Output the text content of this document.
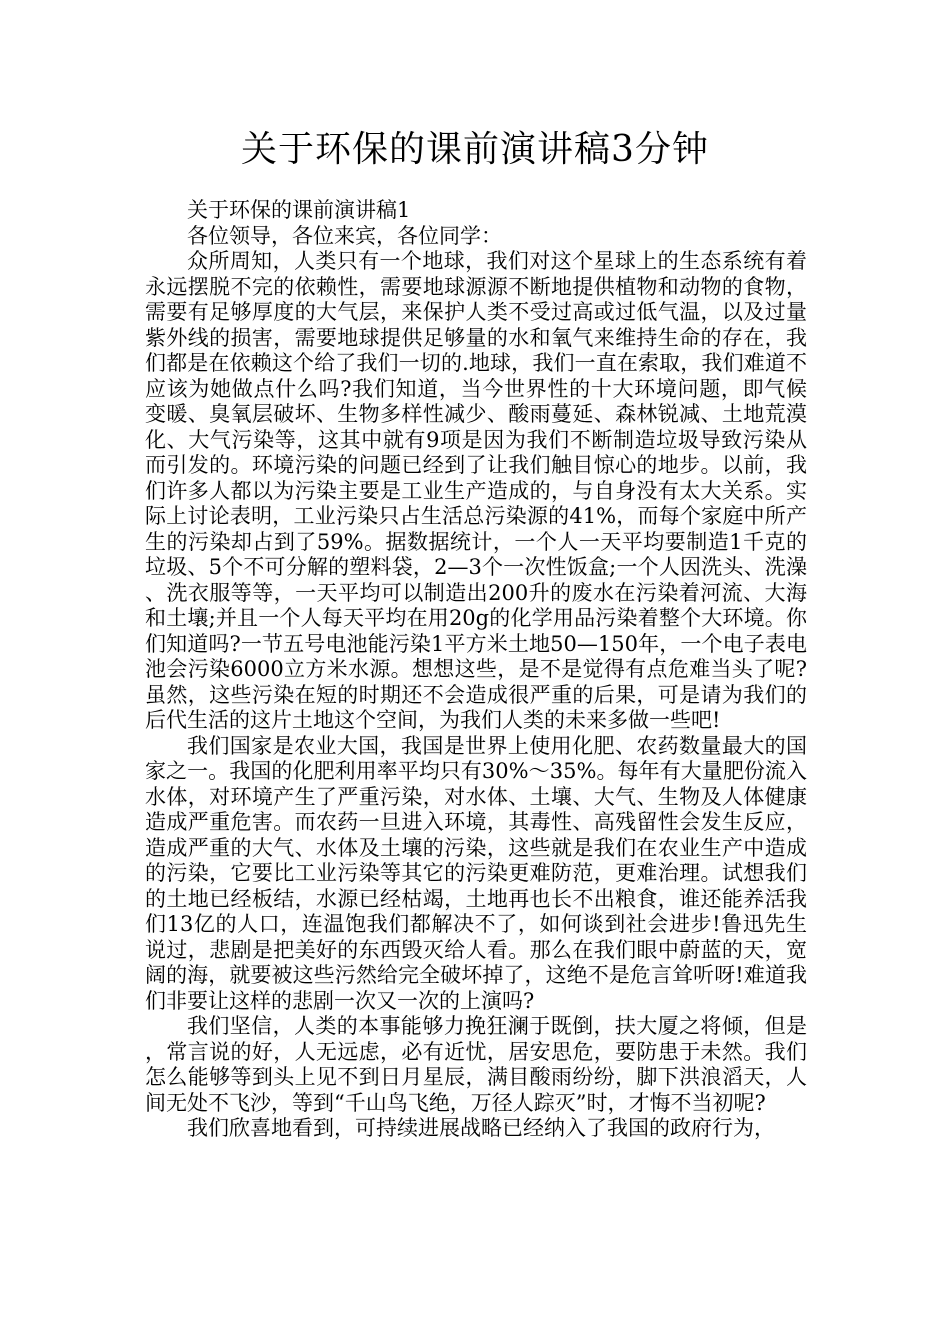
关于环保的课前演讲稿3分钟

关于环保的课前演讲稿1

各位领导，各位来宾，各位同学：

众所周知，人类只有一个地球，我们对这个星球上的生态系统有着永远摆脱不完的依赖性，需要地球源源不断地提供植物和动物的食物，需要有足够厚度的大气层，来保护人类不受过高或过低气温，以及过量紫外线的损害，需要地球提供足够量的水和氧气来维持生命的存在，我们都是在依赖这个给了我们一切的.地球，我们一直在索取，我们难道不应该为她做点什么吗?我们知道，当今世界性的十大环境问题，即气候变暖、臭氧层破坏、生物多样性减少、酸雨蔓延、森林锐减、土地荒漠化、大气污染等，这其中就有9项是因为我们不断制造垃圾导致污染从而引发的。环境污染的问题已经到了让我们触目惊心的地步。以前，我们许多人都以为污染主要是工业生产造成的，与自身没有太大关系。实际上讨论表明，工业污染只占生活总污染源的41%，而每个家庭中所产生的污染却占到了59%。据数据统计，一个人一天平均要制造1千克的垃圾、5个不可分解的塑料袋，2—3个一次性饭盒;一个人因洗头、洗澡、洗衣服等等，一天平均可以制造出200升的废水在污染着河流、大海和土壤;并且一个人每天平均在用20g的化学用品污染着整个大环境。你们知道吗?一节五号电池能污染1平方米土地50—150年，一个电子表电池会污染6000立方米水源。想想这些，是不是觉得有点危难当头了呢?虽然，这些污染在短的时期还不会造成很严重的后果，可是请为我们的后代生活的这片土地这个空间，为我们人类的未来多做一些吧!

我们国家是农业大国，我国是世界上使用化肥、农药数量最大的国家之一。我国的化肥利用率平均只有30%～35%。每年有大量肥份流入水体，对环境产生了严重污染，对水体、土壤、大气、生物及人体健康造成严重危害。而农药一旦进入环境，其毒性、高残留性会发生反应，造成严重的大气、水体及土壤的污染，这些就是我们在农业生产中造成的污染，它要比工业污染等其它的污染更难防范，更难治理。试想我们的土地已经板结，水源已经枯竭，土地再也长不出粮食，谁还能养活我们13亿的人口，连温饱我们都解决不了，如何谈到社会进步!鲁迅先生说过，悲剧是把美好的东西毁灭给人看。那么在我们眼中蔚蓝的天，宽阔的海，就要被这些污然给完全破坏掉了，这绝不是危言耸听呀!难道我们非要让这样的悲剧一次又一次的上演吗?

我们坚信，人类的本事能够力挽狂澜于既倒，扶大厦之将倾，但是，常言说的好，人无远虑，必有近忧，居安思危，要防患于未然。我们怎么能够等到头上见不到日月星辰，满目酸雨纷纷，脚下洪浪滔天，人间无处不飞沙，等到“千山鸟飞绝，万径人踪灭”时，才悔不当初呢?

我们欣喜地看到，可持续进展战略已经纳入了我国的政府行为，
